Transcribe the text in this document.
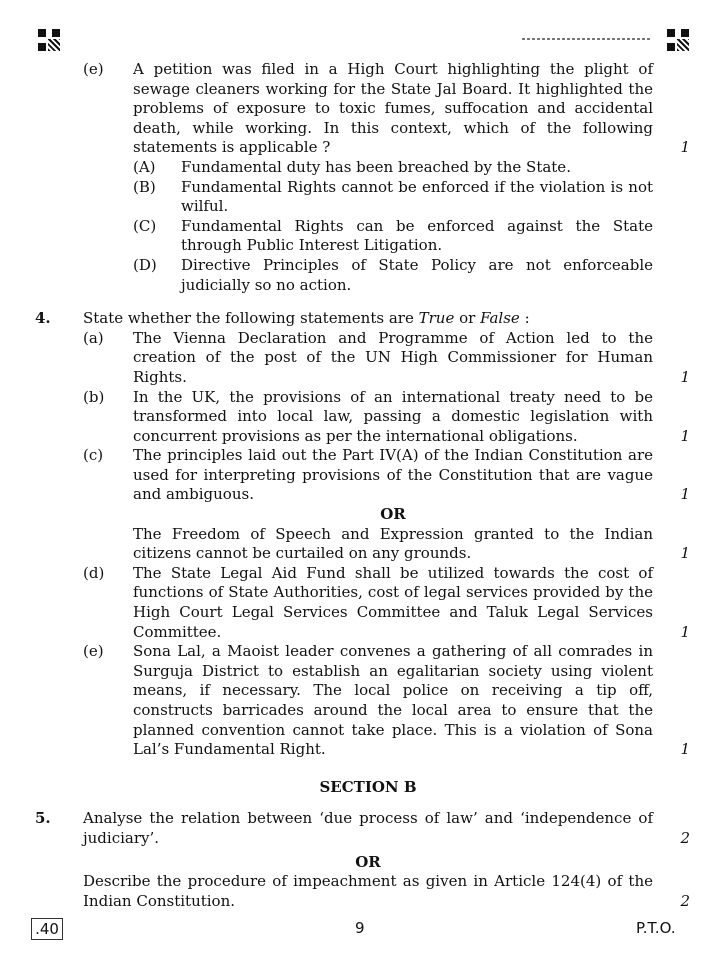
(e)	A petition was filed in a High Court highlighting the plight of sewage cleaners working for the State Jal Board. It highlighted the problems of exposure to toxic fumes, suffocation and accidental death, while working. In this context, which of the following statements is applicable ?	1
(A)	Fundamental duty has been breached by the State.
(B)	Fundamental Rights cannot be enforced if the violation is not wilful.
(C)	Fundamental Rights can be enforced against the State through Public Interest Litigation.
(D)	Directive Principles of State Policy are not enforceable judicially so no action.
4.	State whether the following statements are True or False :
(a)	The Vienna Declaration and Programme of Action led to the creation of the post of the UN High Commissioner for Human Rights.	1
(b)	In the UK, the provisions of an international treaty need to be transformed into local law, passing a domestic legislation with concurrent provisions as per the international obligations.	1
(c)	The principles laid out the Part IV(A) of the Indian Constitution are used for interpreting provisions of the Constitution that are vague and ambiguous.	1
OR
The Freedom of Speech and Expression granted to the Indian citizens cannot be curtailed on any grounds.	1
(d)	The State Legal Aid Fund shall be utilized towards the cost of functions of State Authorities, cost of legal services provided by the High Court Legal Services Committee and Taluk Legal Services Committee.	1
(e)	Sona Lal, a Maoist leader convenes a gathering of all comrades in Surguja District to establish an egalitarian society using violent means, if necessary. The local police on receiving a tip off, constructs barricades around the local area to ensure that the planned convention cannot take place. This is a violation of Sona Lal’s Fundamental Right.	1
SECTION B
5.	Analyse the relation between ‘due process of law’ and ‘independence of judiciary’.	2
OR
Describe the procedure of impeachment as given in Article 124(4) of the Indian Constitution.	2
.40	9	P.T.O.
